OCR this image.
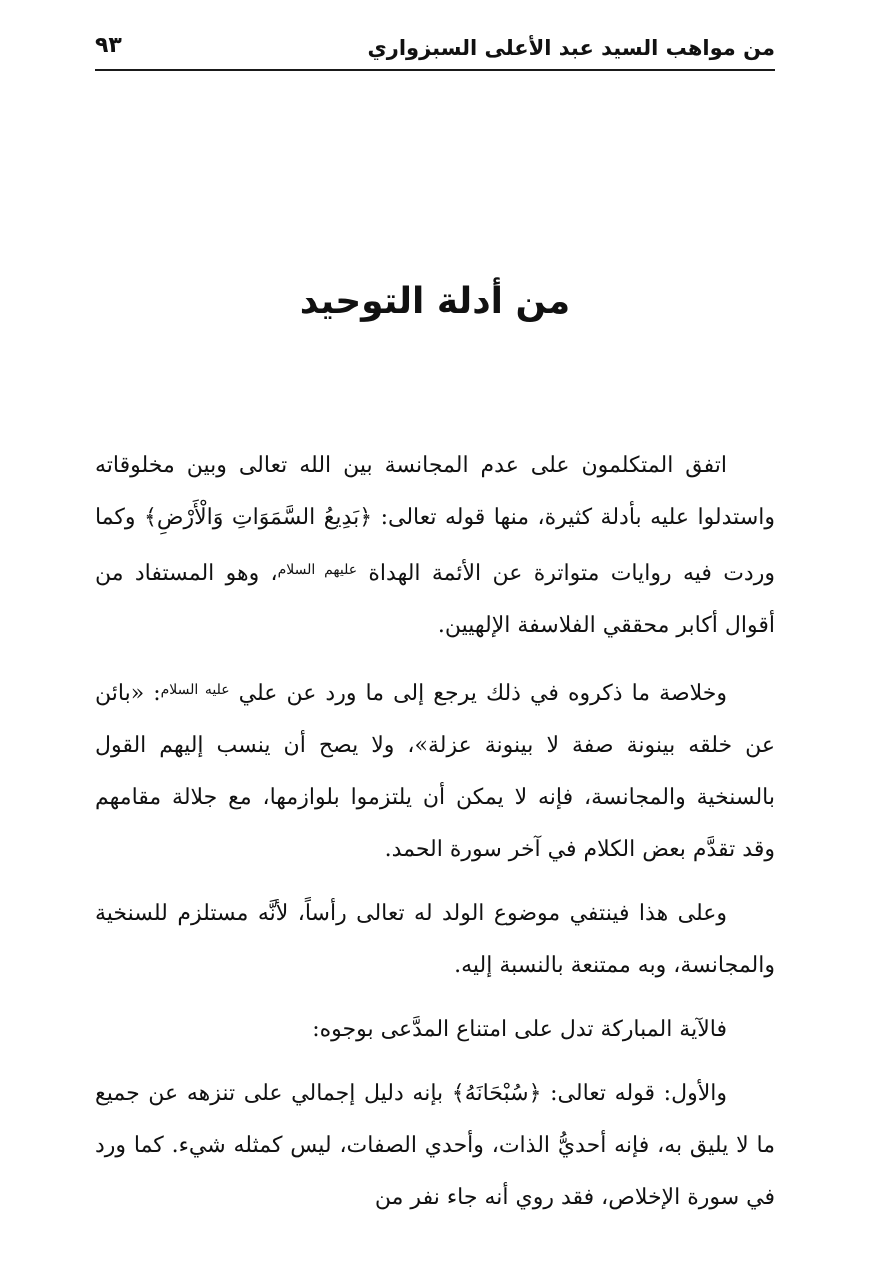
من مواهب السيد عبد الأعلى السبزواري
٩٣
من أدلة التوحيد

اتفق المتكلمون على عدم المجانسة بين الله تعالى وبين مخلوقاته واستدلوا عليه بأدلة كثيرة، منها قوله تعالى: ﴿بَدِيعُ السَّمَوَاتِ وَالْأَرْضِ﴾ وكما وردت فيه روايات متواترة عن الأئمة الهداة $^{عليهم السلام}$، وهو المستفاد من أقوال أكابر محققي الفلاسفة الإلهيين.

وخلاصة ما ذكروه في ذلك يرجع إلى ما ورد عن علي $^{عليه السلام}$: «بائن عن خلقه بينونة صفة لا بينونة عزلة»، ولا يصح أن ينسب إليهم القول بالسنخية والمجانسة، فإنه لا يمكن أن يلتزموا بلوازمها، مع جلالة مقامهم وقد تقدَّم بعض الكلام في آخر سورة الحمد.

وعلى هذا فينتفي موضوع الولد له تعالى رأساً، لأنَّه مستلزم للسنخية والمجانسة، وبه ممتنعة بالنسبة إليه.

فالآية المباركة تدل على امتناع المدَّعى بوجوه:

والأول: قوله تعالى: ﴿سُبْحَانَهُ﴾ بإنه دليل إجمالي على تنزهه عن جميع ما لا يليق به، فإنه أحديُّ الذات، وأحدي الصفات، ليس كمثله شيء. كما ورد في سورة الإخلاص، فقد روي أنه جاء نفر من
